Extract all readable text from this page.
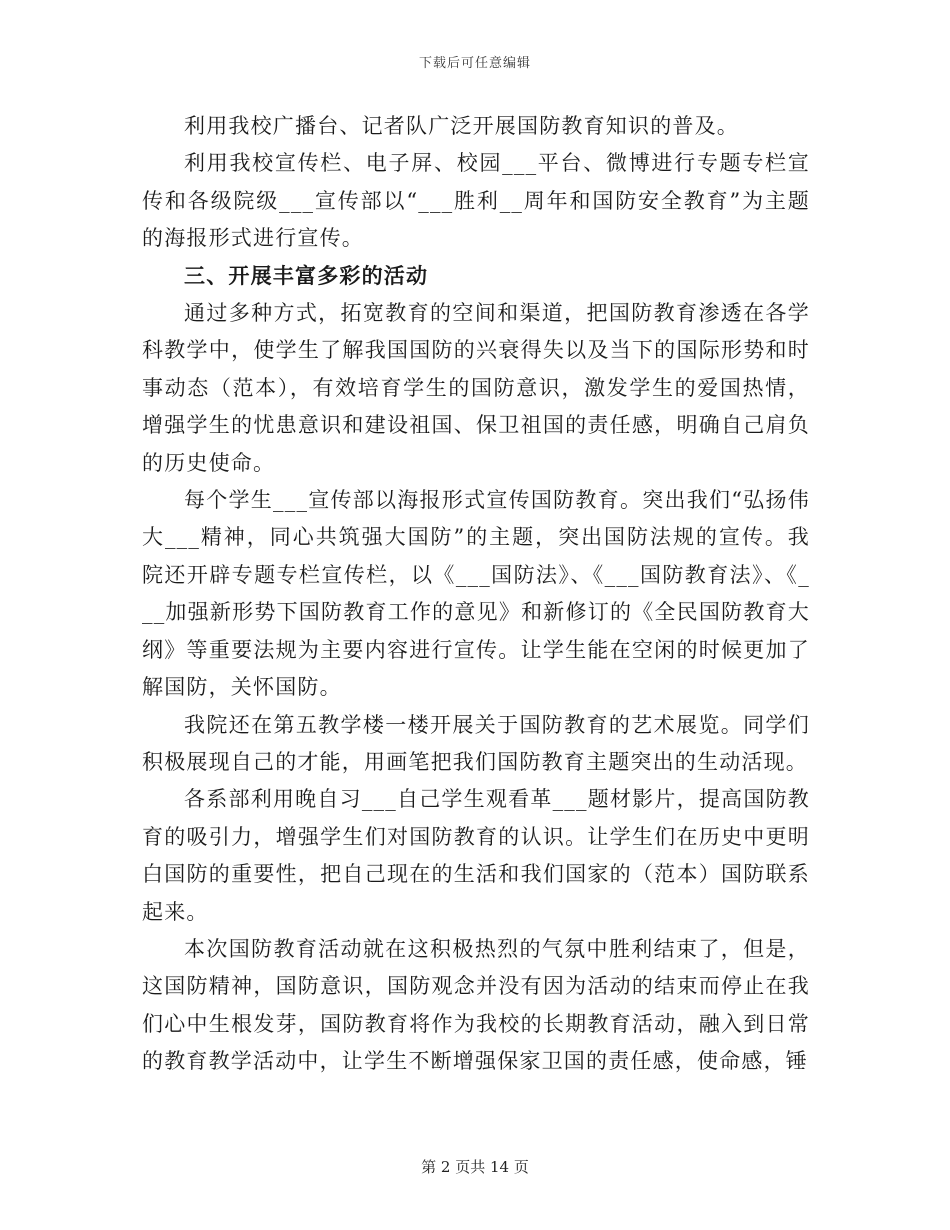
下载后可任意编辑

利用我校广播台、记者队广泛开展国防教育知识的普及。

利用我校宣传栏、电子屏、校园___平台、微博进行专题专栏宣传和各级院级___宣传部以“___胜利__周年和国防安全教育”为主题的海报形式进行宣传。

三、开展丰富多彩的活动

通过多种方式，拓宽教育的空间和渠道，把国防教育渗透在各学科教学中，使学生了解我国国防的兴衰得失以及当下的国际形势和时事动态（范本），有效培育学生的国防意识，激发学生的爱国热情，增强学生的忧患意识和建设祖国、保卫祖国的责任感，明确自己肩负的历史使命。

每个学生___宣传部以海报形式宣传国防教育。突出我们“弘扬伟大___精神，同心共筑强大国防”的主题，突出国防法规的宣传。我院还开辟专题专栏宣传栏，以《___国防法》、《___国防教育法》、《___加强新形势下国防教育工作的意见》和新修订的《全民国防教育大纲》等重要法规为主要内容进行宣传。让学生能在空闲的时候更加了解国防，关怀国防。

我院还在第五教学楼一楼开展关于国防教育的艺术展览。同学们积极展现自己的才能，用画笔把我们国防教育主题突出的生动活现。

各系部利用晚自习___自己学生观看革___题材影片，提高国防教育的吸引力，增强学生们对国防教育的认识。让学生们在历史中更明白国防的重要性，把自己现在的生活和我们国家的（范本）国防联系起来。

本次国防教育活动就在这积极热烈的气氛中胜利结束了，但是，这国防精神，国防意识，国防观念并没有因为活动的结束而停止在我们心中生根发芽，国防教育将作为我校的长期教育活动，融入到日常的教育教学活动中，让学生不断增强保家卫国的责任感，使命感，锤

第 2 页共 14 页
